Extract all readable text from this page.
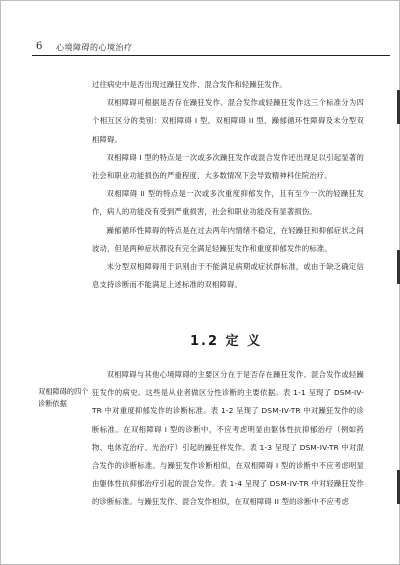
6 心境障碍的心境治疗

过往病史中是否出现过躁狂发作、混合发作和轻躁狂发作。

双相障碍可根据是否存在躁狂发作、混合发作或轻躁狂发作这三个标准分为四个相互区分的类别：双相障碍 I 型、双相障碍 II 型、躁郁循环性障碍及未分型双相障碍。

双相障碍 I 型的特点是一次或多次躁狂发作或混合发作还出现足以引起显著的社会和职业功能损伤的严重程度，大多数情况下会导致精神科住院治疗。

双相障碍 II 型的特点是一次或多次重度抑郁发作，且有至少一次的轻躁狂发作，病人的功能没有受到严重损害，社会和职业功能没有显著损伤。

躁郁循环性障碍的特点是在过去两年内情绪不稳定，在轻躁狂和抑郁症状之间波动，但是两种症状都没有完全满足轻躁狂发作和重度抑郁发作的标准。

未分型双相障碍用于识别由于不能满足病期或症状群标准，或由于缺乏确定信息支持诊断而不能满足上述标准的双相障碍。

1.2 定 义
双相障碍的四个诊断依据

双相障碍与其他心境障碍的主要区分在于是否存在躁狂发作、混合发作或轻躁狂发作的病史。这些是从业者做区分性诊断的主要依据。表 1-1 呈现了 DSM-IV-TR 中对重度抑郁发作的诊断标准。表 1-2 呈现了 DSM-IV-TR 中对躁狂发作的诊断标准。在双相障碍 I 型的诊断中，不应考虑明显由躯体性抗抑郁治疗（例如药物、电休克治疗、光治疗）引起的躁狂样发作。表 1-3 呈现了 DSM-IV-TR 中对混合发作的诊断标准。与躁狂发作诊断相似，在双相障碍 I 型的诊断中不应考虑明显由躯体性抗抑郁治疗引起的混合发作。表 1-4 呈现了 DSM-IV-TR 中对轻躁狂发作的诊断标准。与躁狂发作、混合发作相似，在双相障碍 II 型的诊断中不应考虑
